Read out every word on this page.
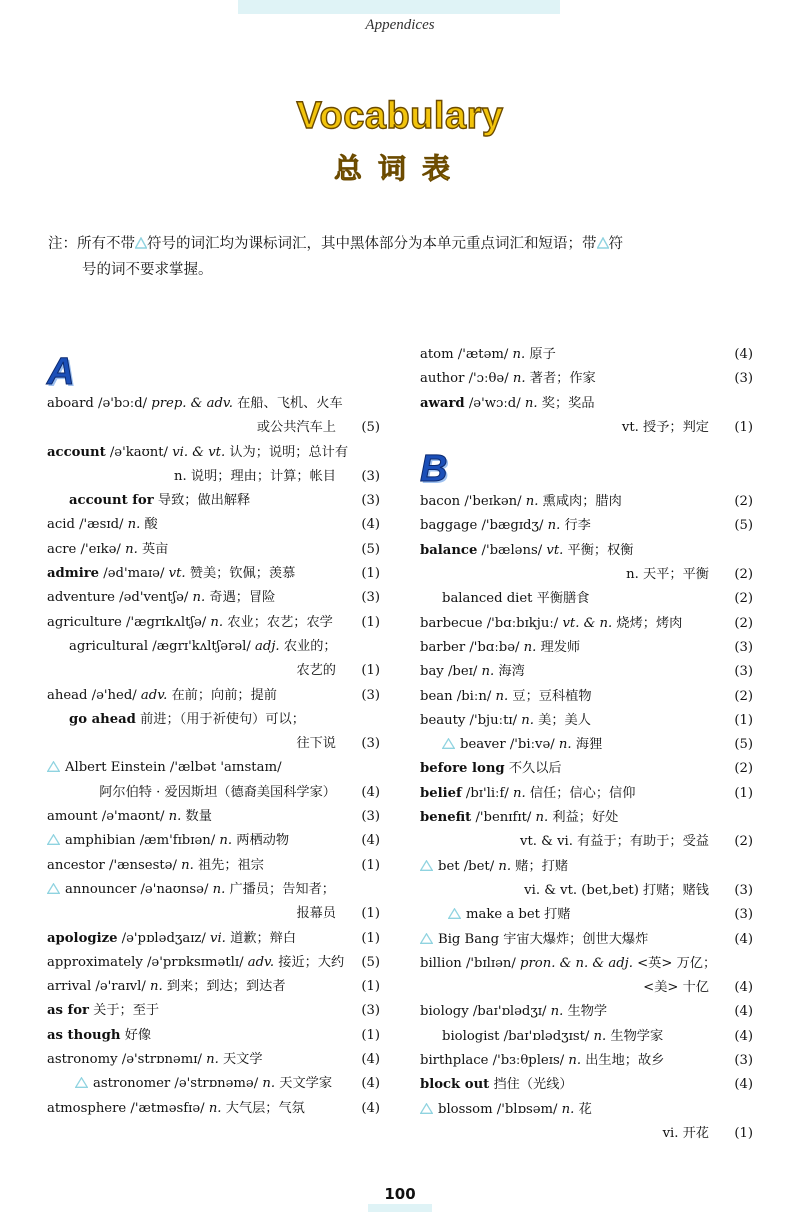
Appendices
Vocabulary
总词表
注：所有不带 符号的词汇均为课标词汇，其中黑体部分为本单元重点词汇和短语；带 符
号的词不要求掌握。
A
aboard /ə'bɔːd/ prep. & adv. 在船、飞机、火车
或公共汽车上 (5)
account /ə'kaʊnt/ vi. & vt. 认为；说明；总计有
n. 说明；理由；计算；帐目 (3)
account for 导致；做出解释	(3)
acid /'æsɪd/ n. 酸	(4)
acre /'eɪkə/ n. 英亩	(5)
admire /əd'maɪə/ vt. 赞美；钦佩；羡慕	(1)
adventure /əd'ventʃə/ n. 奇遇；冒险	(3)
agriculture /'ægrɪkʌltʃə/ n. 农业；农艺；农学 (1)
agricultural /ægrɪ'kʌltʃərəl/ adj. 农业的；
农艺的 (1)
ahead /ə'hed/ adv. 在前；向前；提前	(3)
go ahead 前进；（用于祈使句）可以；
往下说 (3)
Albert Einstein /'ælbət 'aɪnstaɪn/
阿尔伯特 · 爱因斯坦（德裔美国科学家） (4)
amount /ə'maʊnt/ n. 数量	(3)
amphibian /æm'fɪbɪən/ n. 两栖动物	(4)
ancestor /'ænsestə/ n. 祖先；祖宗	(1)
announcer /ə'naʊnsə/ n. 广播员；告知者；
报幕员 (1)
apologize /ə'pɒlədʒaɪz/ vi. 道歉；辩白	(1)
approximately /ə'prɒksɪmətlɪ/ adv. 接近；大约 (5)
arrival /ə'raɪvl/ n. 到来；到达；到达者	(1)
as for 关于；至于	(3)
as though 好像	(1)
astronomy /ə'strɒnəmɪ/ n. 天文学	(4)
astronomer /ə'strɒnəmə/ n. 天文学家 (4)
atmosphere /'ætməsfɪə/ n. 大气层；气氛	(4)
atom /'ætəm/ n. 原子	(4)
author /'ɔːθə/ n. 著者；作家	(3)
award /ə'wɔːd/ n. 奖；奖品
vt. 授予；判定 (1)
B
bacon /'beɪkən/ n. 熏咸肉；腊肉	(2)
baggage /'bægɪdʒ/ n. 行李	(5)
balance /'bæləns/ vt. 平衡；权衡
n. 天平；平衡 (2)
balanced diet 平衡膳食	(2)
barbecue /'bɑːbɪkjuː/ vt. & n. 烧烤；烤肉	(2)
barber /'bɑːbə/ n. 理发师	(3)
bay /beɪ/ n. 海湾	(3)
bean /biːn/ n. 豆；豆科植物	(2)
beauty /'bjuːtɪ/ n. 美；美人	(1)
beaver /'biːvə/ n. 海狸	(5)
before long 不久以后	(2)
belief /bɪ'liːf/ n. 信任；信心；信仰	(1)
benefit /'benɪfɪt/ n. 利益；好处
vt. & vi. 有益于；有助于；受益 (2)
bet /bet/ n. 赌；打赌
vi. & vt. (bet,bet) 打赌；赌钱 (3)
make a bet 打赌	(3)
Big Bang 宇宙大爆炸；创世大爆炸	(4)
billion /'bɪlɪən/ pron. & n. & adj. <英> 万亿；
<美> 十亿 (4)
biology /baɪ'ɒlədʒɪ/ n. 生物学	(4)
biologist /baɪ'ɒlədʒɪst/ n. 生物学家	(4)
birthplace /'bɜːθpleɪs/ n. 出生地；故乡	(3)
block out 挡住（光线）	(4)
blossom /'blɒsəm/ n. 花
vi. 开花 (1)
100
